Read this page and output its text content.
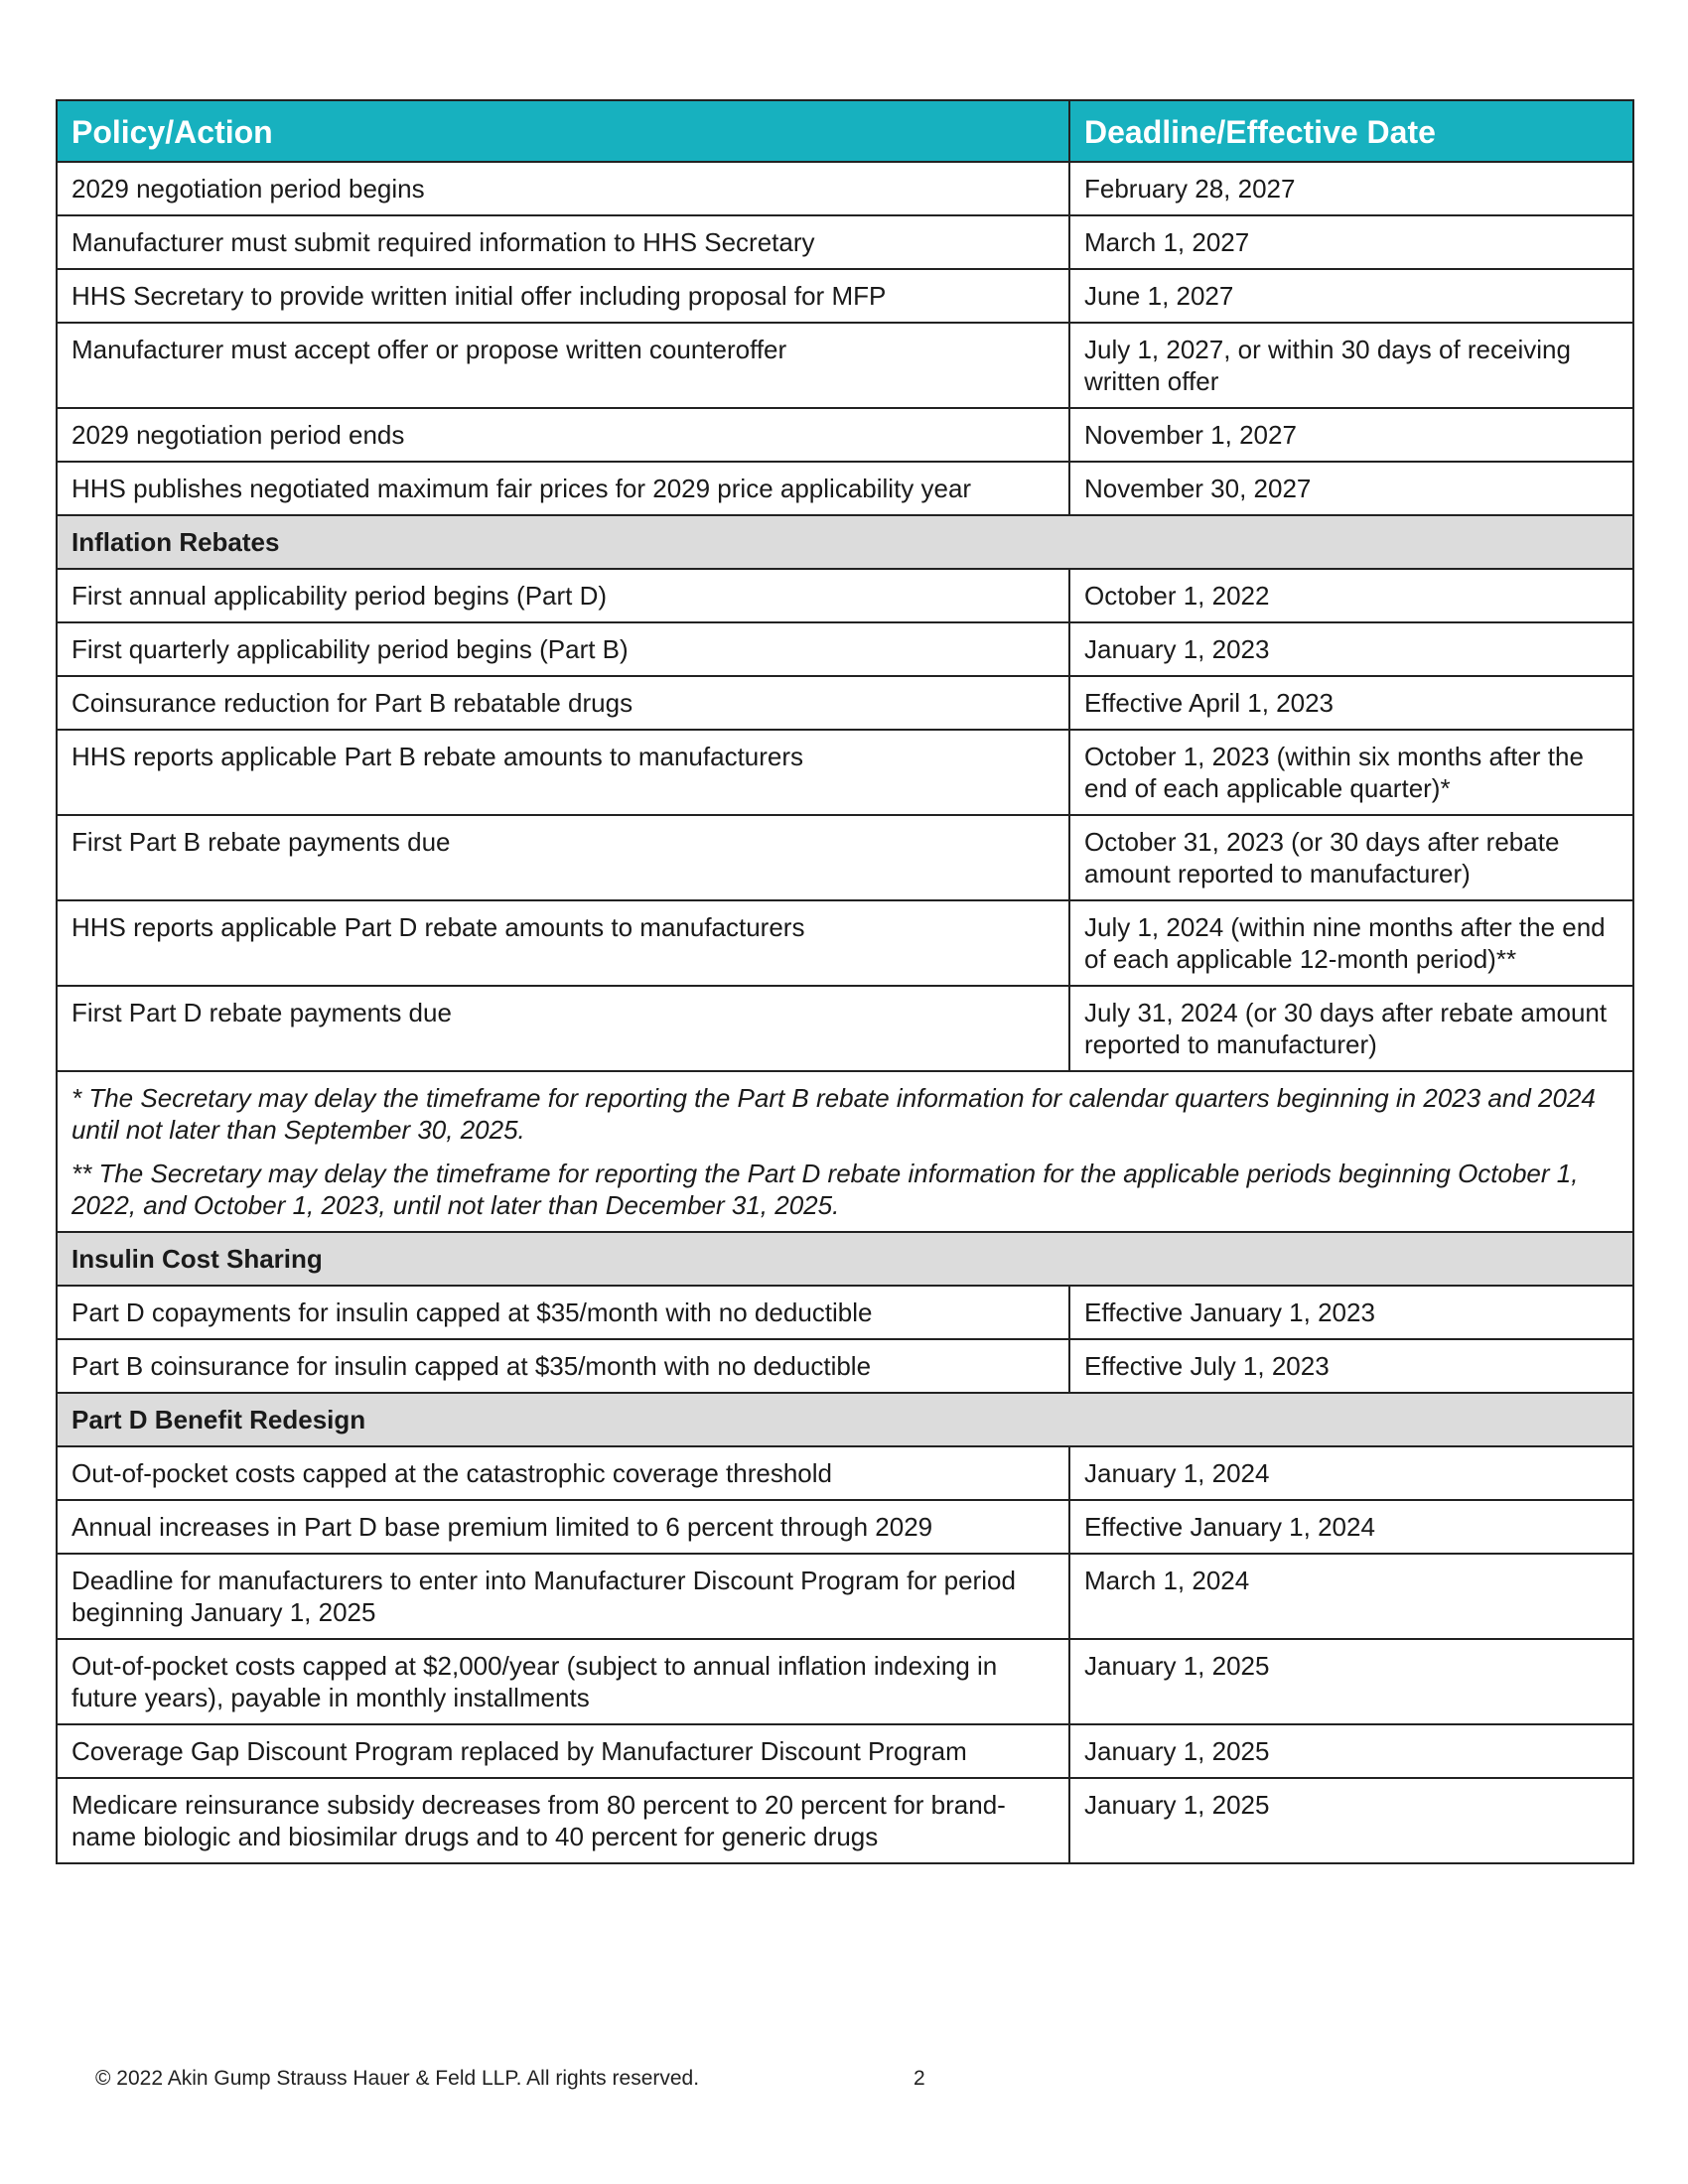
Policy/Action	Deadline/Effective Date
2029 negotiation period begins	February 28, 2027
Manufacturer must submit required information to HHS Secretary	March 1, 2027
HHS Secretary to provide written initial offer including proposal for MFP	June 1, 2027
Manufacturer must accept offer or propose written counteroffer	July 1, 2027, or within 30 days of receiving written offer
2029 negotiation period ends	November 1, 2027
HHS publishes negotiated maximum fair prices for 2029 price applicability year	November 30, 2027
Inflation Rebates	
First annual applicability period begins (Part D)	October 1, 2022
First quarterly applicability period begins (Part B)	January 1, 2023
Coinsurance reduction for Part B rebatable drugs	Effective April 1, 2023
HHS reports applicable Part B rebate amounts to manufacturers	October 1, 2023 (within six months after the end of each applicable quarter)*
First Part B rebate payments due	October 31, 2023 (or 30 days after rebate amount reported to manufacturer)
HHS reports applicable Part D rebate amounts to manufacturers	July 1, 2024 (within nine months after the end of each applicable 12-month period)**
First Part D rebate payments due	July 31, 2024 (or 30 days after rebate amount reported to manufacturer)

* The Secretary may delay the timeframe for reporting the Part B rebate information for calendar quarters beginning in 2023 and 2024 until not later than September 30, 2025.

** The Secretary may delay the timeframe for reporting the Part D rebate information for the applicable periods beginning October 1, 2022, and October 1, 2023, until not later than December 31, 2025.	

Insulin Cost Sharing	
Part D copayments for insulin capped at $35/month with no deductible	Effective January 1, 2023
Part B coinsurance for insulin capped at $35/month with no deductible	Effective July 1, 2023
Part D Benefit Redesign	
Out-of-pocket costs capped at the catastrophic coverage threshold	January 1, 2024
Annual increases in Part D base premium limited to 6 percent through 2029	Effective January 1, 2024
Deadline for manufacturers to enter into Manufacturer Discount Program for period beginning January 1, 2025	March 1, 2024
Out-of-pocket costs capped at $2,000/year (subject to annual inflation indexing in future years), payable in monthly installments	January 1, 2025
Coverage Gap Discount Program replaced by Manufacturer Discount Program	January 1, 2025
Medicare reinsurance subsidy decreases from 80 percent to 20 percent for brand-name biologic and biosimilar drugs and to 40 percent for generic drugs	January 1, 2025
© 2022 Akin Gump Strauss Hauer & Feld LLP. All rights reserved.	2
